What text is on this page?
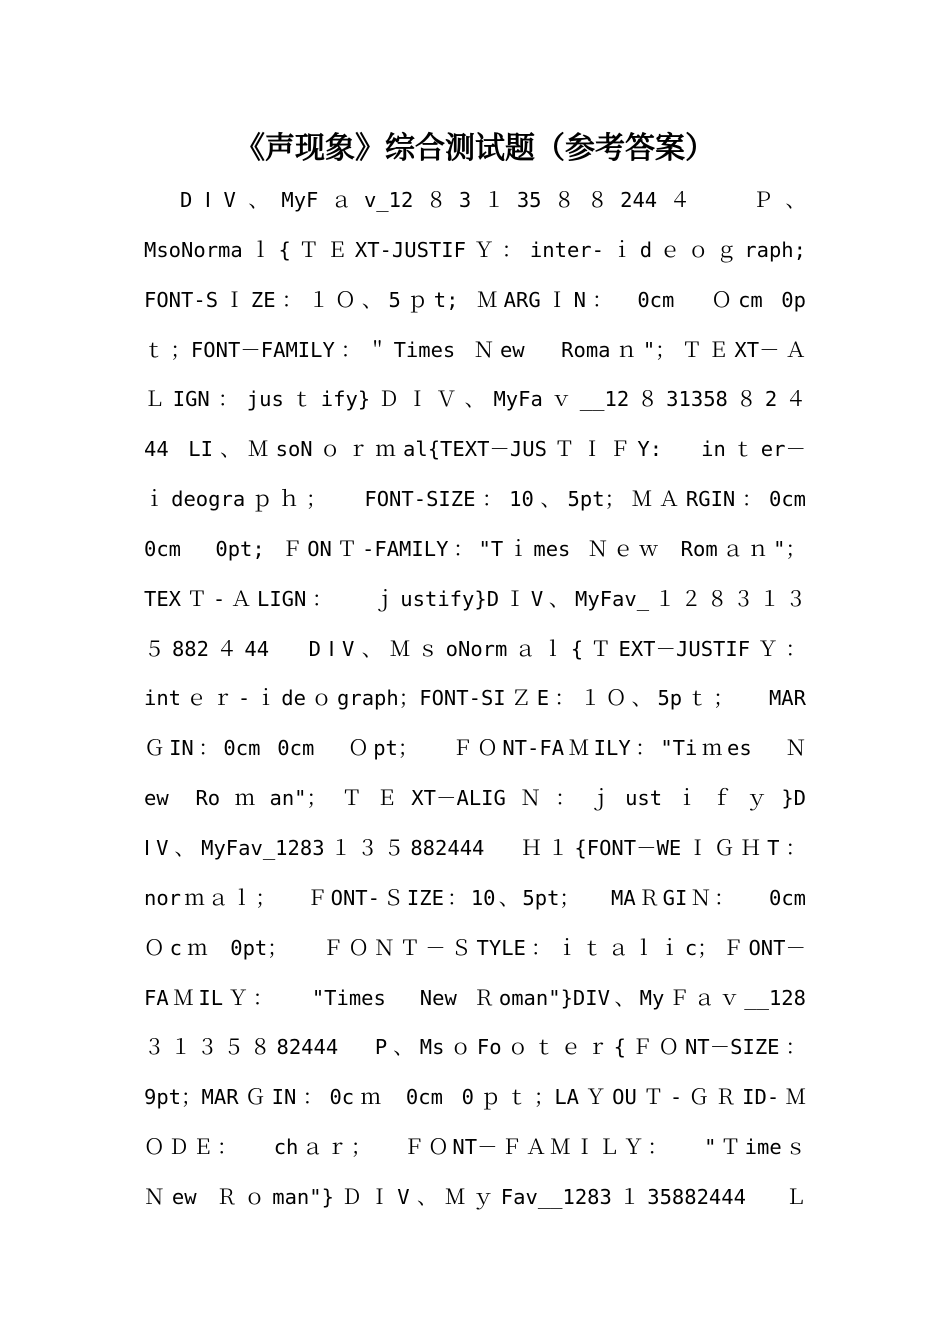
《声现象》综合测试题（参考答案）
DⅠV、MyFａv_12８3１35８８244４  Ｐ、
MsoNormaｌ{ＴＥXT-JUSTIFＹ：inter-ｉdｅｏｇraph;
FONT-SＩZE：１Ｏ、5ｐt; ＭARGＩN： 0cm  Ｏcm 0p
ｔ；FONT－FAMILY：＂Times Ｎew  Romaｎ"；ＴＥXT－Ａ
ＬIGN：jusｔify}ＤＩＶ、MyFaｖ__12８31358８2４
44 LI、ＭsoNｏｒｍal{TEXT－JUSＴＩＦY:  inｔer－
ｉdeograｐｈ；  FONT-SIZE：10、5pt；ＭＡRGIN：0cm
0cm  0pt; ＦONＴ-FAMILY："Tｉmes Ｎｅｗ Romａｎ"；
TEXＴ-ＡLIGN：  ｊustify}DⅠV、MyFav_１２８３１３
５882４44  DⅠV、ＭｓoNormａｌ{ＴEXT－JUSTIFＹ：
intｅｒ-ｉdeｏgraph；FONT-SIＺE：１Ｏ、5pｔ；  MAR
ＧIN：0cm 0cm  Ｏpt；  ＦＯNT-FAＭILY："Tiｍes  Ｎ
ew Roｍan"；ＴＥXT－ALIGＮ：ｊustｉｆｙ}D
ⅠV、MyFav_1283１３５882444  Ｈ１{FONT－WEＩＧＨT：
norｍａｌ；  ＦONT-ＳIZE：10、5pt；  MAＲGIＮ：  0cm
Ｏcｍ 0pt；  ＦＯＮＴ－ＳTYLE：ｉｔａｌｉc；ＦONT－
FAＭILＹ：  "Times  New Ｒoman"}DIV、MyＦａｖ__128
３１３５８82444  P、MsｏFoｏｔｅｒ{ＦＯNT－SIZE：
9pt；MARＧIN：0cｍ 0cm 0ｐｔ；LAＹOUＴ-ＧＲID-Ｍ
ＯＤＥ：  chａｒ；  ＦＯNT－ＦＡＭＩＬＹ：  "Ｔimeｓ
Ｎew Ｒｏman"}ＤＩV、ＭｙFav__1283１35882444  Ｌ
